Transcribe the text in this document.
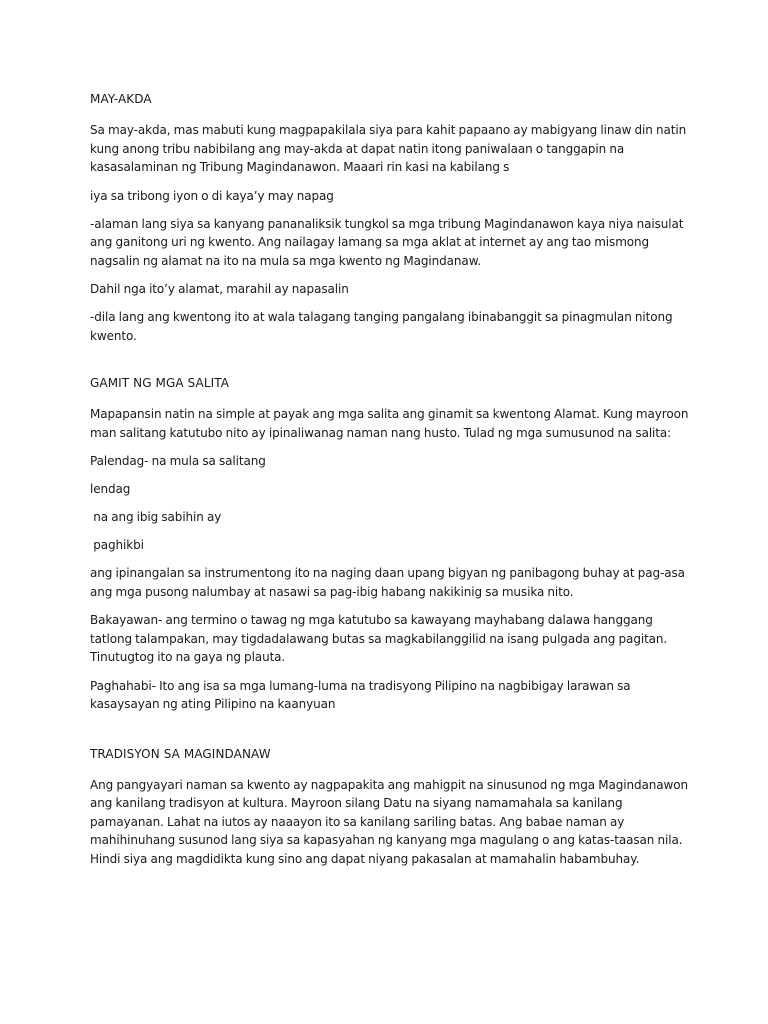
MAY-AKDA

Sa may-akda, mas mabuti kung magpapakilala siya para kahit papaano ay mabigyang linaw din natin kung anong tribu nabibilang ang may-akda at dapat natin itong paniwalaan o tanggapin na kasasalaminan ng Tribung Magindanawon. Maaari rin kasi na kabilang s

iya sa tribong iyon o di kaya’y may napag

-alaman lang siya sa kanyang pananaliksik tungkol sa mga tribung Magindanawon kaya niya naisulat ang ganitong uri ng kwento. Ang nailagay lamang sa mga aklat at internet ay ang tao mismong nagsalin ng alamat na ito na mula sa mga kwento ng Magindanaw.

Dahil nga ito’y alamat, marahil ay napasalin

-dila lang ang kwentong ito at wala talagang tanging pangalang ibinabanggit sa pinagmulan nitong kwento.

GAMIT NG MGA SALITA

Mapapansin natin na simple at payak ang mga salita ang ginamit sa kwentong Alamat. Kung mayroon man salitang katutubo nito ay ipinaliwanag naman nang husto. Tulad ng mga sumusunod na salita:

Palendag- na mula sa salitang

lendag

na ang ibig sabihin ay

paghikbi

ang ipinangalan sa instrumentong ito na naging daan upang bigyan ng panibagong buhay at pag-asa ang mga pusong nalumbay at nasawi sa pag-ibig habang nakikinig sa musika nito.

Bakayawan- ang termino o tawag ng mga katutubo sa kawayang mayhabang dalawa hanggang tatlong talampakan, may tigdadalawang butas sa magkabilangg​ilid na isang pulgada ang pagitan. Tinutugtog ito na gaya ng plauta.

Paghahabi- Ito ang isa sa mga lumang-luma na tradisyong Pilipino na nagbibigay larawan sa kasaysayan ng ating Pilipino na kaanyuan

TRADISYON SA MAGINDANAW

Ang pangyayari naman sa kwento ay nagpapakita ang mahigpit na sinusunod ng mga Magindanawon ang kanilang tradisyon at kultura. Mayroon silang Datu na siyang namamahala sa kanilang pamayanan. Lahat na iutos ay naaayon ito sa kanilang sariling batas. Ang babae naman ay mahihinuhang susunod lang siya sa kapasyahan ng kanyang mga magulang o ang katas-taasan nila. Hindi siya ang magdidikta kung sino ang dapat niyang pakasalan at mamahalin habambuhay.
